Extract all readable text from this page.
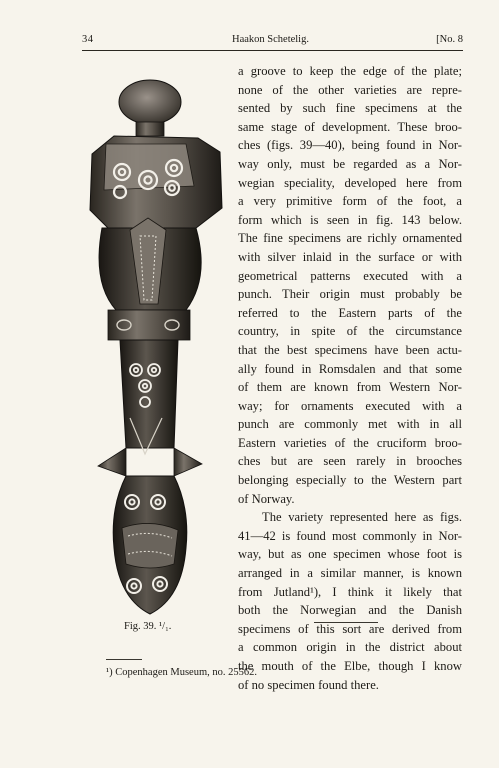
34	Haakon Schetelig.	[No. 8
Fig. 39. ¹/₁.

a groove to keep the edge of the plate;
none of the other varieties are repre-
sented by such fine specimens at the
same stage of development. These broo-
ches (figs. 39—40), being found in Nor-
way only, must be regarded as a Nor-
wegian speciality, developed here from
a very primitive form of the foot, a
form which is seen in fig. 143 below.
The fine specimens are richly ornamented
with silver inlaid in the surface or with
geometrical patterns executed with a
punch. Their origin must probably be
referred to the Eastern parts of the
country, in spite of the circumstance
that the best specimens have been actu-
ally found in Romsdalen and that some
of them are known from Western Nor-
way; for ornaments executed with a
punch are commonly met with in all
Eastern varieties of the cruciform broo-
ches but are seen rarely in brooches
belonging especially to the Western part
of Norway.

The variety represented here as figs.
41—42 is found most commonly in Nor-
way, but as one specimen whose foot is
arranged in a similar manner, is known
from Jutland¹), I think it likely that
both the Norwegian and the Danish
specimens of this sort are derived from
a common origin in the district about
the mouth of the Elbe, though I know
of no specimen found there.

¹) Copenhagen Museum, no. 25562.
